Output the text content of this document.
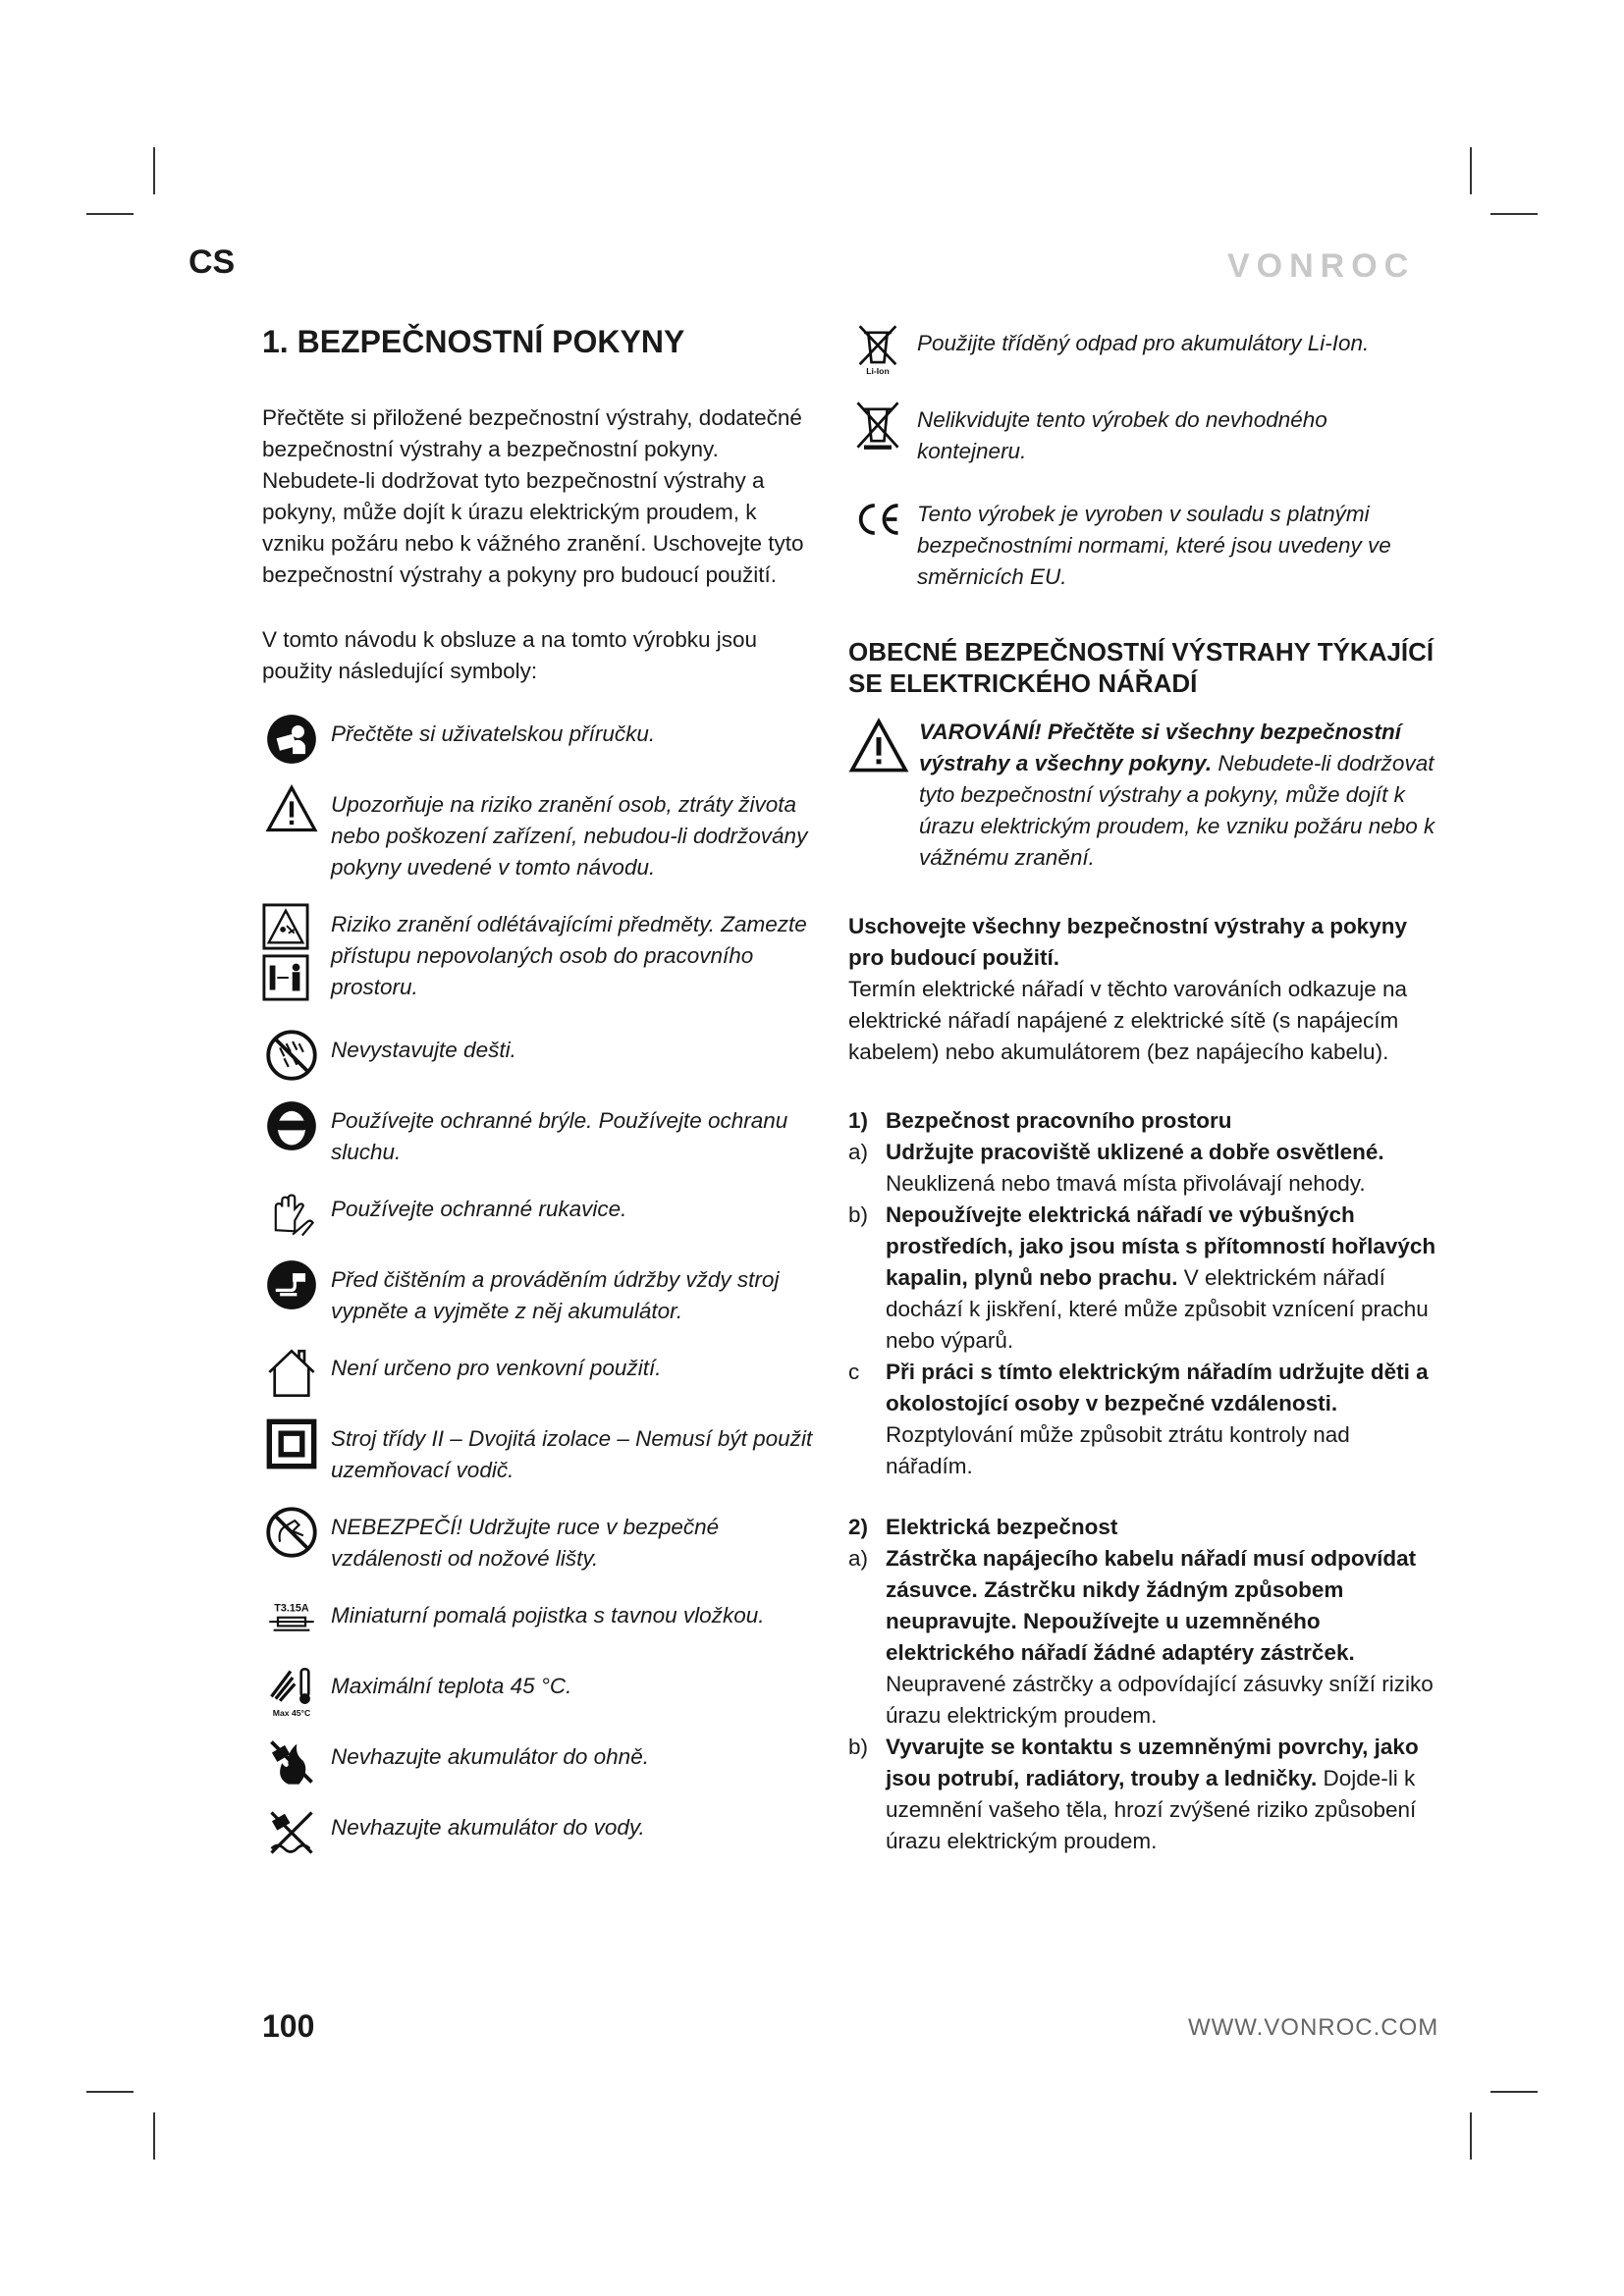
CS	VONROC
1. BEZPEČNOSTNÍ POKYNY

Přečtěte si přiložené bezpečnostní výstrahy, dodatečné bezpečnostní výstrahy a bezpečnostní pokyny. Nebudete-li dodržovat tyto bezpečnostní výstrahy a pokyny, může dojít k úrazu elektrickým proudem, k vzniku požáru nebo k vážného zranění. Uschovejte tyto bezpečnostní výstrahy a pokyny pro budoucí použití.

V tomto návodu k obsluze a na tomto výrobku jsou použity následující symboly:

Přečtěte si uživatelskou příručku.
Upozorňuje na riziko zranění osob, ztráty života nebo poškození zařízení, nebudou-li dodržovány pokyny uvedené v tomto návodu.
Riziko zranění odlétávajícími předměty. Zamezte přístupu nepovolaných osob do pracovního prostoru.
Nevystavujte dešti.
Používejte ochranné brýle. Používejte ochranu sluchu.
Používejte ochranné rukavice.
Před čištěním a prováděním údržby vždy stroj vypněte a vyjměte z něj akumulátor.
Není určeno pro venkovní použití.
Stroj třídy II – Dvojitá izolace – Nemusí být použit uzemňovací vodič.
NEBEZPEČÍ! Udržujte ruce v bezpečné vzdálenosti od nožové lišty.
T3.15A Miniaturní pomalá pojistka s tavnou vložkou.
Max 45°C
Maximální teplota 45 °C.
Nevhazujte akumulátor do ohně.
Nevhazujte akumulátor do vody.
Li-Ion
Použijte tříděný odpad pro akumulátory Li-Ion.
Nelikvidujte tento výrobek do nevhodného kontejneru.
Tento výrobek je vyroben v souladu s platnými bezpečnostními normami, které jsou uvedeny ve směrnicích EU.
OBECNÉ BEZPEČNOSTNÍ VÝSTRAHY TÝKAJÍCÍ SE ELEKTRICKÉHO NÁŘADÍ
VAROVÁNÍ! Přečtěte si všechny bezpečnostní výstrahy a všechny pokyny. Nebudete-li dodržovat tyto bezpečnostní výstrahy a pokyny, může dojít k úrazu elektrickým proudem, ke vzniku požáru nebo k vážnému zranění.

Uschovejte všechny bezpečnostní výstrahy a pokyny pro budoucí použití.

Termín elektrické nářadí v těchto varováních odkazuje na elektrické nářadí napájené z elektrické sítě (s napájecím kabelem) nebo akumulátorem (bez napájecího kabelu).

1) Bezpečnost pracovního prostoru
a) Udržujte pracoviště uklizené a dobře osvětlené. Neuklizená nebo tmavá místa přivolávají nehody.
b) Nepoužívejte elektrická nářadí ve výbušných prostředích, jako jsou místa s přítomností hořlavých kapalin, plynů nebo prachu. V elektrickém nářadí dochází k jiskření, které může způsobit vznícení prachu nebo výparů.
c	Při práci s tímto elektrickým nářadím udržujte děti a okolostojící osoby v bezpečné vzdálenosti. Rozptylování může způsobit ztrátu kontroly nad nářadím.
2) Elektrická bezpečnost
a) Zástrčka napájecího kabelu nářadí musí odpovídat zásuvce. Zástrčku nikdy žádným způsobem neupravujte. Nepoužívejte u uzemněného elektrického nářadí žádné adaptéry zástrček. Neupravené zástrčky a odpovídající zásuvky sníží riziko úrazu elektrickým proudem.
b) Vyvarujte se kontaktu s uzemněnými povrchy, jako jsou potrubí, radiátory, trouby a ledničky. Dojde-li k uzemnění vašeho těla, hrozí zvýšené riziko způsobení úrazu elektrickým proudem.
100	WWW.VONROC.COM
